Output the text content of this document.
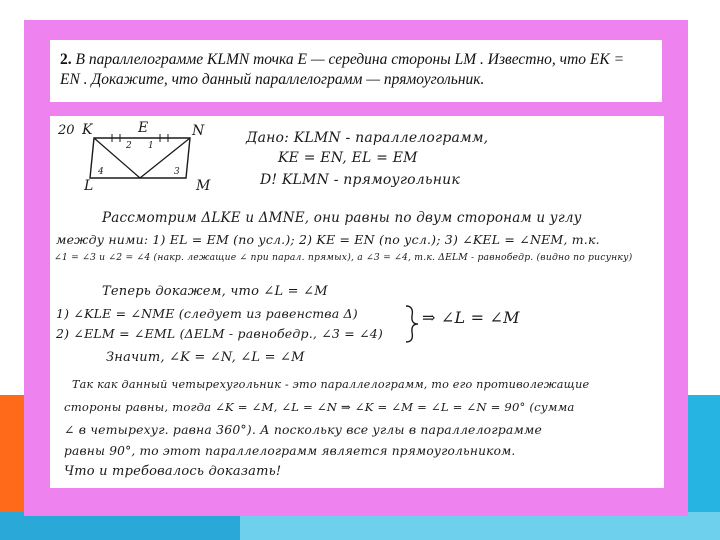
2. В параллелограмме KLMN точка E — середина стороны LM . Известно, что EK =
EN . Докажите, что данный параллелограмм — прямоугольник.

20 K	E	N
L	M
2 1
4	3
Дано: KLMN - параллелограмм,
KE = EN, EL = EM
D! KLMN - прямоугольник
Рассмотрим ΔLKE и ΔMNE, они равны по двум сторонам и углу
между ними: 1) EL = EM (по усл.); 2) KE = EN (по усл.); 3) ∠KEL = ∠NEM, т.к.
∠1 = ∠3 и ∠2 = ∠4 (накр. лежащие ∠ при парал. прямых), а ∠3 = ∠4, т.к. ΔELM - равнобедр. (видно по рисунку)
Теперь докажем, что ∠L = ∠M
1) ∠KLE = ∠NME (следует из равенства Δ)
2) ∠ELM = ∠EML (ΔELM - равнобедр., ∠3 = ∠4)
⇒ ∠L = ∠M
Значит, ∠K = ∠N, ∠L = ∠M
Так как данный четырехугольник - это параллелограмм, то его противолежащие
стороны равны, тогда ∠K = ∠M, ∠L = ∠N ⇒ ∠K = ∠M = ∠L = ∠N = 90° (сумма
∠ в четырехуг. равна 360°). А поскольку все углы в параллелограмме
равны 90°, то этот параллелограмм является прямоугольником.
Что и требовалось доказать!
